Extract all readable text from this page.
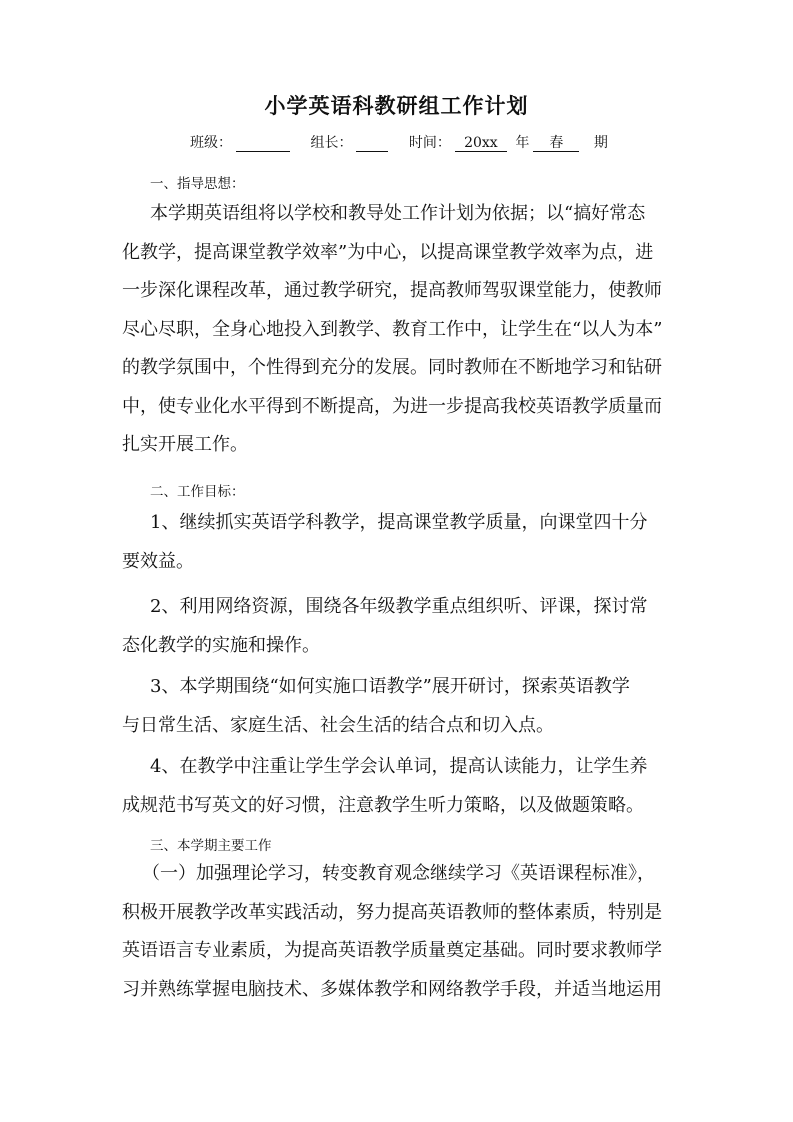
小学英语科教研组工作计划
班级：	组长：	时间： 20xx 年 春 期
一、指导思想：
本学期英语组将以学校和教导处工作计划为依据；以“搞好常态
化教学，提高课堂教学效率”为中心，以提高课堂教学效率为点，进
一步深化课程改革，通过教学研究，提高教师驾驭课堂能力，使教师
尽心尽职，全身心地投入到教学、教育工作中，让学生在“以人为本”
的教学氛围中，个性得到充分的发展。同时教师在不断地学习和钻研
中，使专业化水平得到不断提高，为进一步提高我校英语教学质量而
扎实开展工作。
二、工作目标：
1、继续抓实英语学科教学，提高课堂教学质量，向课堂四十分
要效益。
2、利用网络资源，围绕各年级教学重点组织听、评课，探讨常
态化教学的实施和操作。
3、本学期围绕“如何实施口语教学”展开研讨，探索英语教学
与日常生活、家庭生活、社会生活的结合点和切入点。
4、在教学中注重让学生学会认单词，提高认读能力，让学生养
成规范书写英文的好习惯，注意教学生听力策略，以及做题策略。
三、本学期主要工作
（一）加强理论学习，转变教育观念继续学习《英语课程标准》，
积极开展教学改革实践活动，努力提高英语教师的整体素质，特别是
英语语言专业素质，为提高英语教学质量奠定基础。同时要求教师学
习并熟练掌握电脑技术、多媒体教学和网络教学手段，并适当地运用
